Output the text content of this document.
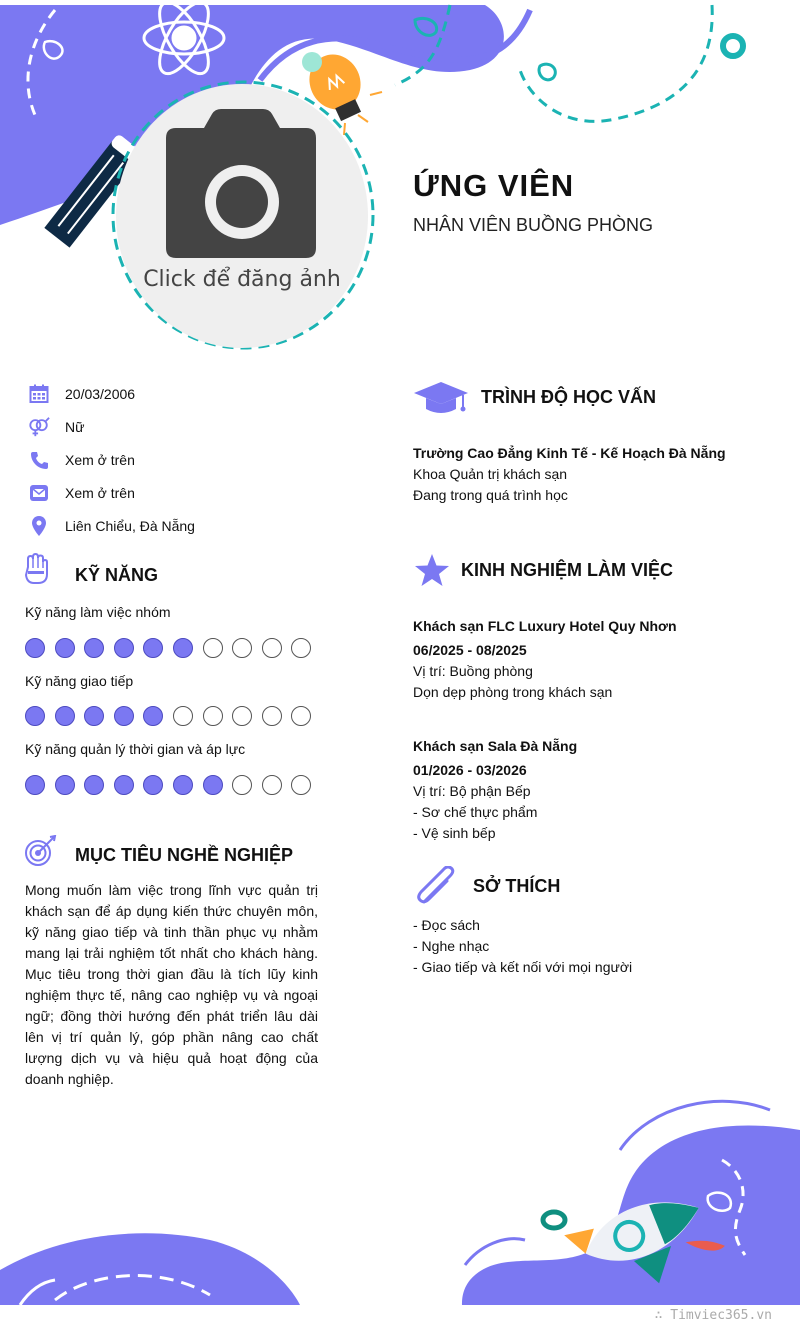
Click để đăng ảnh
ỨNG VIÊN
NHÂN VIÊN BUỒNG PHÒNG
20/03/2006
Nữ
Xem ở trên
Xem ở trên
Liên Chiểu, Đà Nẵng
KỸ NĂNG
Kỹ năng làm việc nhóm
Kỹ năng giao tiếp
Kỹ năng quản lý thời gian và áp lực
MỤC TIÊU NGHỀ NGHIỆP
Mong muốn làm việc trong lĩnh vực quản trị khách sạn để áp dụng kiến thức chuyên môn, kỹ năng giao tiếp và tinh thần phục vụ nhằm mang lại trải nghiệm tốt nhất cho khách hàng. Mục tiêu trong thời gian đầu là tích lũy kinh nghiệm thực tế, nâng cao nghiệp vụ và ngoại ngữ; đồng thời hướng đến phát triển lâu dài lên vị trí quản lý, góp phần nâng cao chất lượng dịch vụ và hiệu quả hoạt động của doanh nghiệp.
TRÌNH ĐỘ HỌC VẤN
Trường Cao Đẳng Kinh Tế - Kế Hoạch Đà Nẵng
Khoa Quản trị khách sạn
Đang trong quá trình học
KINH NGHIỆM LÀM VIỆC
Khách sạn FLC Luxury Hotel Quy Nhơn
06/2025 - 08/2025
Vị trí: Buồng phòng
Dọn dẹp phòng trong khách sạn
Khách sạn Sala Đà Nẵng
01/2026 - 03/2026
Vị trí: Bộ phận Bếp
- Sơ chế thực phẩm
- Vệ sinh bếp
SỞ THÍCH
- Đọc sách
- Nghe nhạc
- Giao tiếp và kết nối với mọi người
∴ Timviec365.vn
